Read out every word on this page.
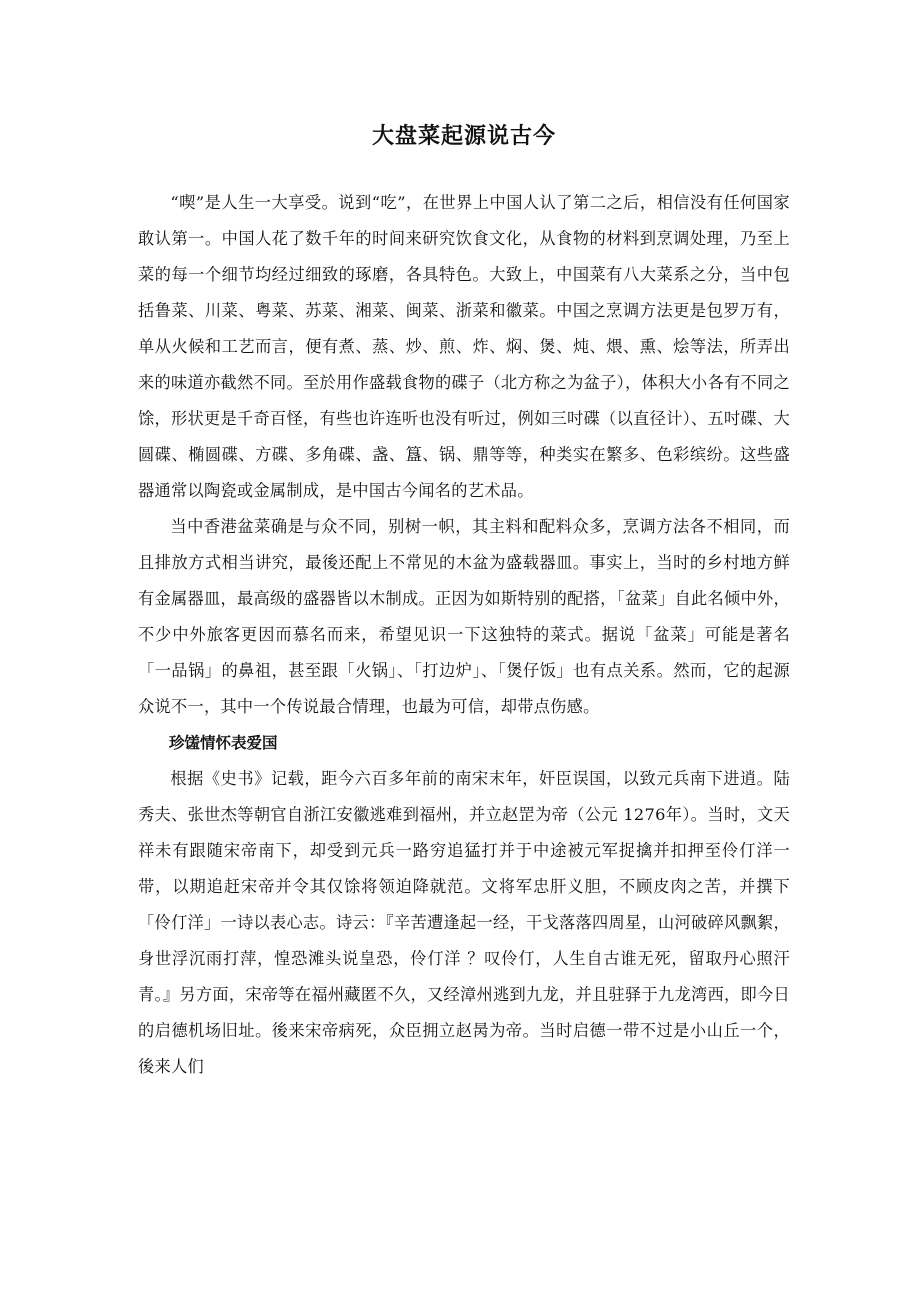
大盘菜起源说古今

“喫”是人生一大享受。说到“吃”，在世界上中国人认了第二之后，相信没有任何国家敢认第一。中国人花了数千年的时间来研究饮食文化，从食物的材料到烹调处理，乃至上菜的每一个细节均经过细致的琢磨，各具特色。大致上，中国菜有八大菜系之分，当中包括鲁菜、川菜、粤菜、苏菜、湘菜、闽菜、浙菜和徽菜。中国之烹调方法更是包罗万有，单从火候和工艺而言，便有煮、蒸、炒、煎、炸、焖、煲、炖、煨、熏、烩等法，所弄出来的味道亦截然不同。至於用作盛载食物的碟子（北方称之为盆子），体积大小各有不同之馀，形状更是千奇百怪，有些也许连听也没有听过，例如三吋碟（以直径计）、五吋碟、大圆碟、椭圆碟、方碟、多角碟、盏、簋、锅、鼎等等，种类实在繁多、色彩缤纷。这些盛器通常以陶瓷或金属制成，是中国古今闻名的艺术品。

当中香港盆菜确是与众不同，别树一帜，其主料和配料众多，烹调方法各不相同，而且排放方式相当讲究，最後还配上不常见的木盆为盛载器皿。事实上，当时的乡村地方鲜有金属器皿，最高级的盛器皆以木制成。正因为如斯特别的配搭，「盆菜」自此名倾中外，不少中外旅客更因而慕名而来，希望见识一下这独特的菜式。据说「盆菜」可能是著名「一品锅」的鼻祖，甚至跟「火锅」、「打边炉」、「煲仔饭」也有点关系。然而，它的起源众说不一，其中一个传说最合情理，也最为可信，却带点伤感。

珍馐情怀表爱国

根据《史书》记载，距今六百多年前的南宋末年，奸臣误国，以致元兵南下进逍。陆秀夫、张世杰等朝官自浙江安徽逃难到福州，并立赵罡为帝（公元 1276年）。当时，文天祥未有跟随宋帝南下，却受到元兵一路穷追猛打并于中途被元军捉擒并扣押至伶仃洋一带，以期追赶宋帝并令其仅馀将领迫降就范。文将军忠肝义胆，不顾皮肉之苦，并撰下「伶仃洋」一诗以表心志。诗云：『辛苦遭逢起一经，干戈落落四周星，山河破碎风飘絮，身世浮沉雨打萍，惶恐滩头说皇恐，伶仃洋 ？叹伶仃，人生自古谁无死，留取丹心照汗青。』另方面，宋帝等在福州藏匿不久，又经漳州逃到九龙，并且驻驿于九龙湾西，即今日的启德机场旧址。後来宋帝病死，众臣拥立赵昺为帝。当时启德一带不过是小山丘一个，後来人们
